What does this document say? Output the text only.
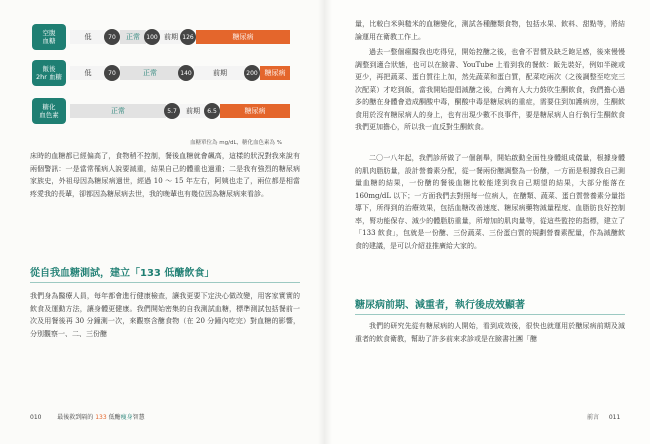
空腹
血糖	低	70	正常	100 前期 126	糖尿病
飯後
2hr 血糖	低	70	正常	140	前期	200 糖尿病
糖化
血色素	正常	5.7	前期	6.5	糖尿病
血糖單位為 mg/dL，糖化血色素為 %
床時的血糖都已經偏高了，食物稍不控制，餐後血糖就會飆高，這樣的狀況對我來說有兩個警訊：一是當常罹病人說要減重，結果自己的體重也過重；二是我有強烈的糖尿病家族史，外祖母因為糖尿病過世，經過 10 ～ 15 年左右，阿姨也走了，兩位都是相當疼愛我的長輩，卻都因為糖尿病去世，我的晚輩也有幾位因為糖尿病來看診。
從自我血糖測試，建立「133 低醣飲食」
我們身為醫療人員，每年都會進行健康檢查，讓我更要下定決心做改變，用客家實實的飲食及運動方法，讓身體更健康。我們開始密集的自我測試血糖，標準測試包括餐前一次及用餐後再 30 分鐘測一次，來觀察含醣食物（在 20 分鐘內吃完）對血糖的影響，分別觀察一、二、三份醣
010	最後救到隔的 133 低醣瘦身智慧
量，比較白米與糙米的血糖變化，測試各種醣類食物，包括水果、飲料、甜點等，將結論運用在衛教工作上。
過去一整個瘋醫我也吃得兒，開始控醣之後，也會不習慣及缺乏飽足感，後來慢慢調整到適合狀態，也可以在臉書、YouTube 上看到我的餐飲：飯先裝好，例如半碗或更少，再把蔬菜、蛋白質往上加，然先蔬菜和蛋白質，配菜吃兩次（之後調整至吃完三次配菜）才吃到飯，當我開始提倡減醣之後，台灣有人大力鼓吹生酮飲食，我們擔心過多的醣在身體會造成酮酸中毒，酮酸中毒是糖尿病的重症，需要住到加護病房，生酮飲食用於沒有糖尿病人的身上，也有出現少數不良事件，要是糖尿病人自行執行生酮飲食我們更加擔心，所以我一直反對生酮飲食。
二〇一八年起，我們診所做了一個創舉，開始啟動全面性身體組成儀量，根據身體的肌肉脂肪量，設計營養素分配，從一餐兩份醣調整為一份醣，一方面是根據我自己測量血糖的結果，一份醣的餐後血糖比較能達到我自己期望的結果，大部分能落在 160mg/dL 以下；一方面我們去對照每一位病人，在醣類、蔬菜、蛋白質營養素分量指導下，所得到的治療效果，包括血糖改善速度、糖尿病藥物減量程度、血脂肪良好控制率，腎功能保存、減少的體脂肪重量，所增加的肌肉量等，從這些監控的指標，建立了「133 飲食」，包就是一份醣、三份蔬菜、三份蛋白質的規劃營養素配量，作為減醣飲食的建議，是可以介紹並推廣給大家的。
糖尿病前期、減重者，執行後成效顯著
我們的研究先從有糖尿病的人開始，看到成效後，很快也就運用於醣尿病前期及減重者的飲食衛教，幫助了許多前來求診或是在臉書社團「醣
前言 011
